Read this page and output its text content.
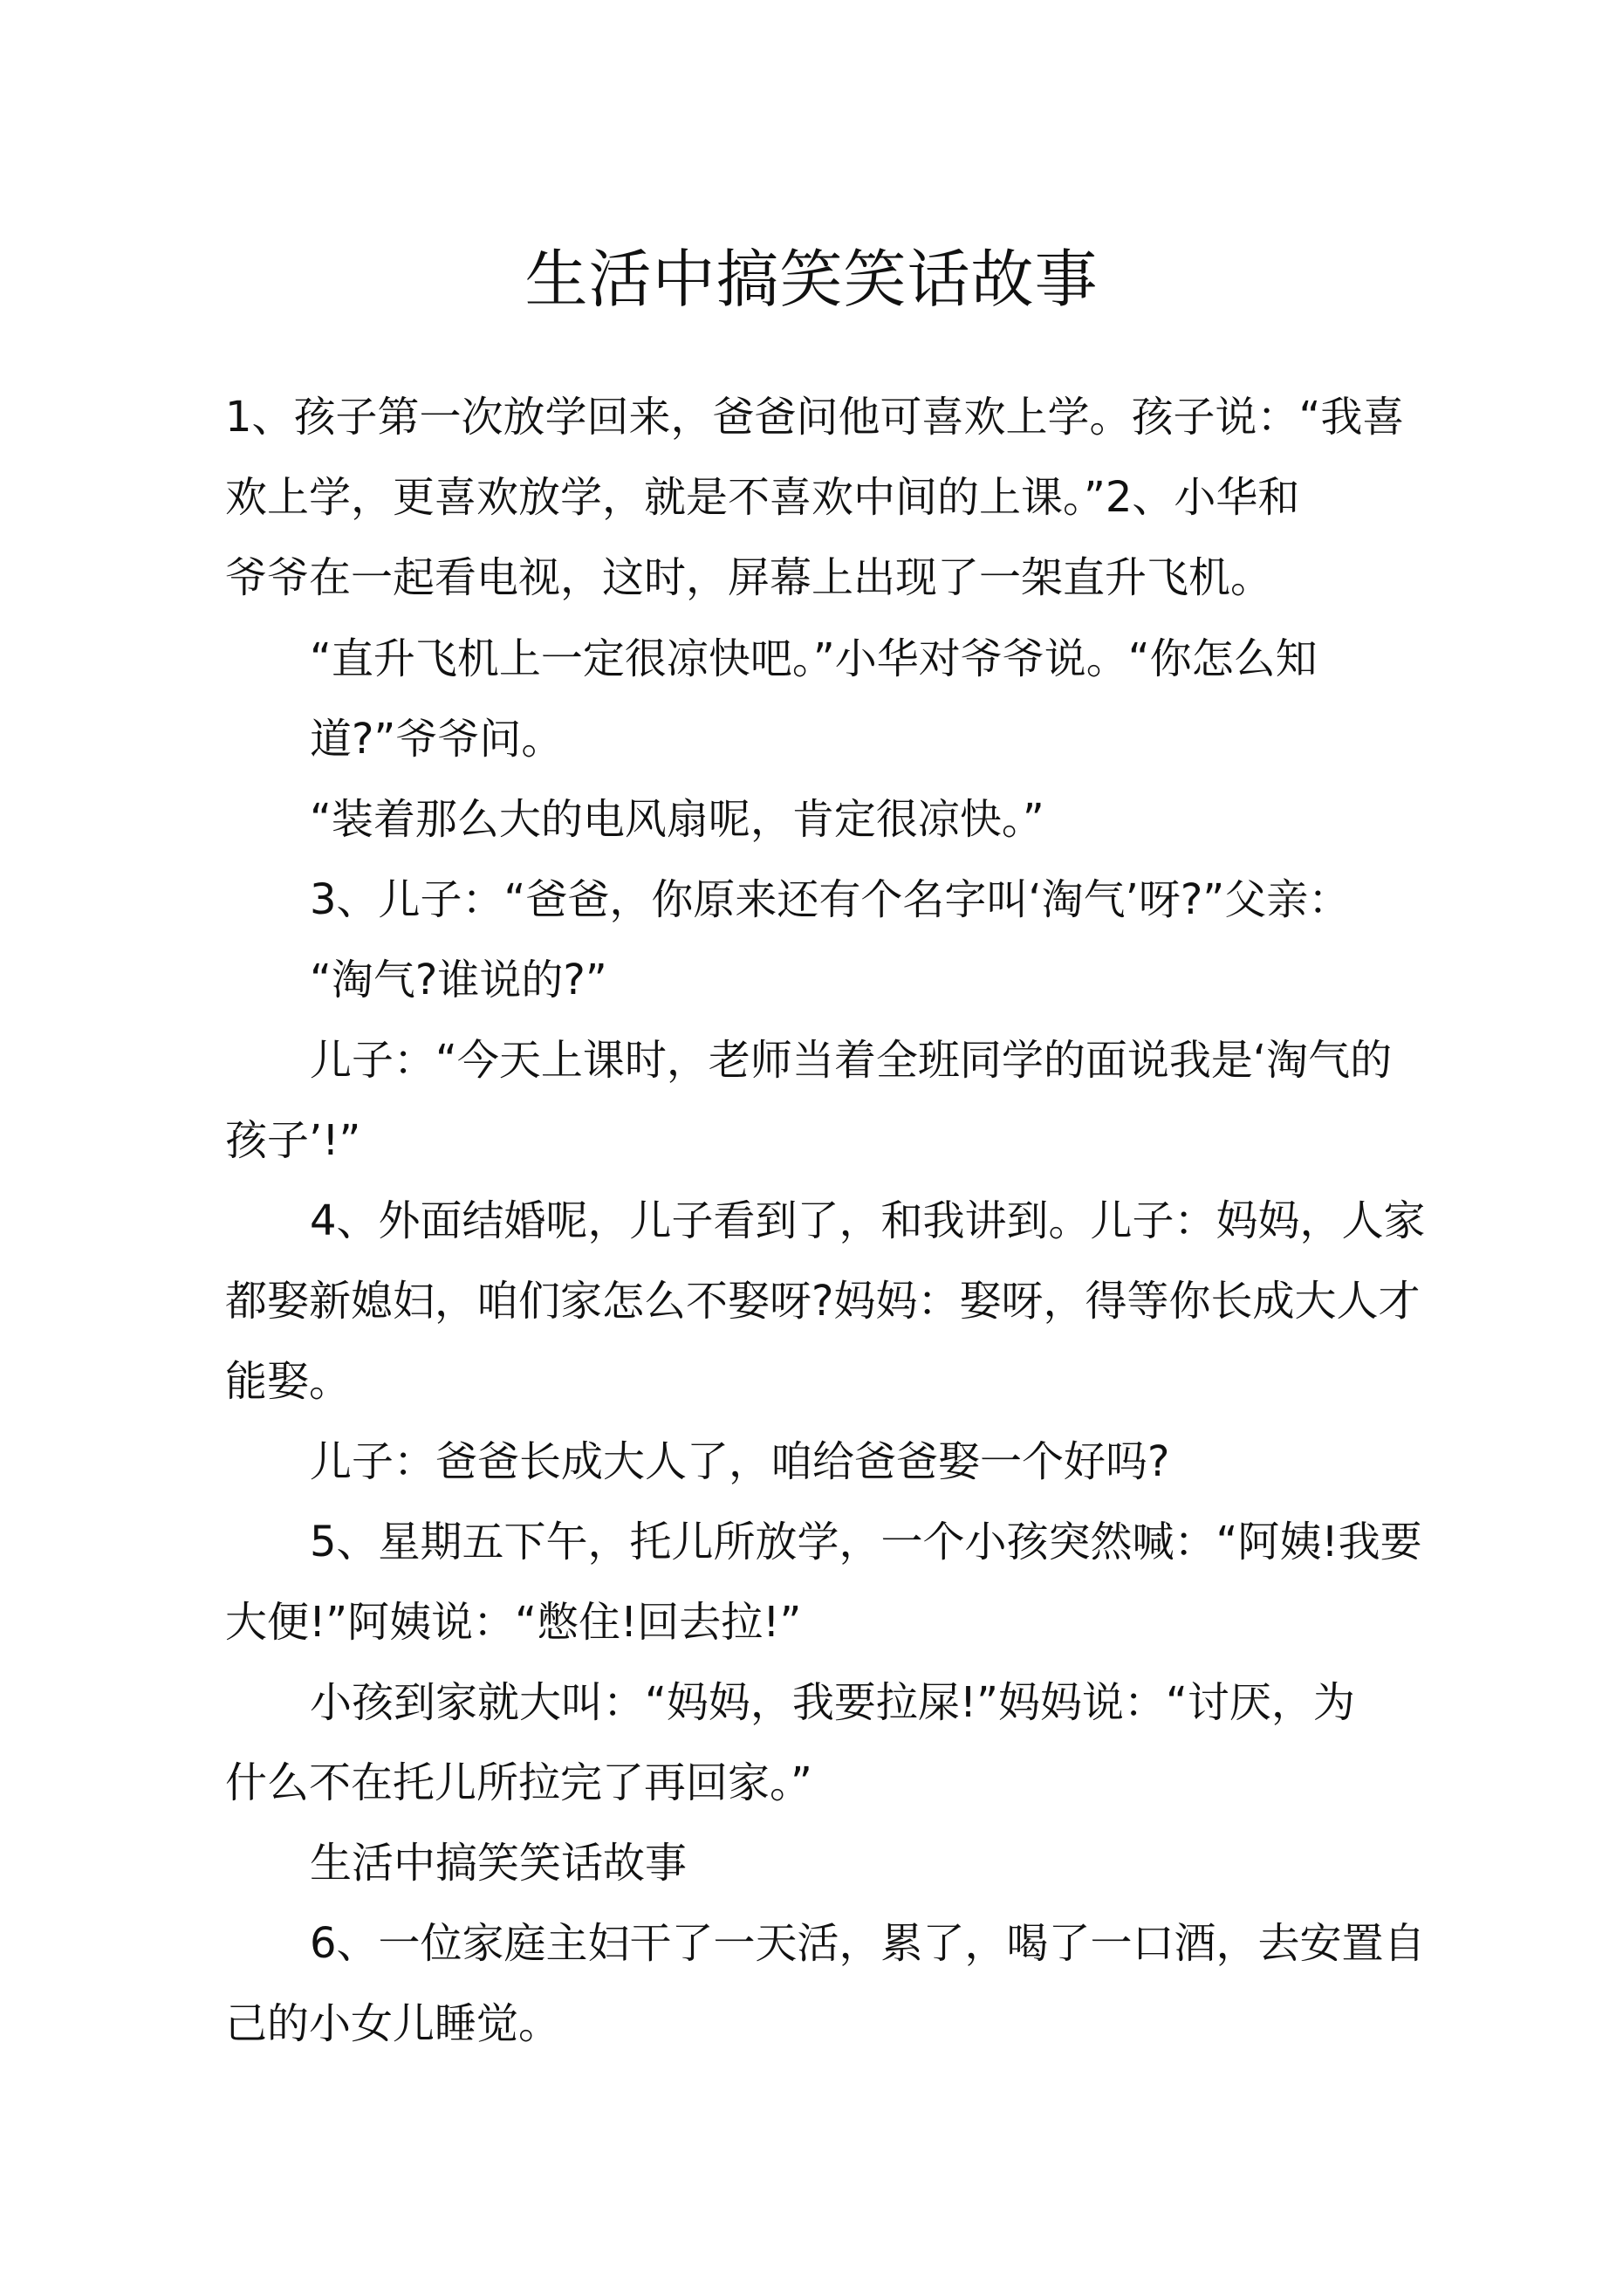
生活中搞笑笑话故事
1、孩子第一次放学回来，爸爸问他可喜欢上学。孩子说：“我喜
欢上学，更喜欢放学，就是不喜欢中间的上课。”2、小华和
爷爷在一起看电视，这时，屏幕上出现了一架直升飞机。
“直升飞机上一定很凉快吧。”小华对爷爷说。“你怎么知
道?”爷爷问。
“装着那么大的电风扇呢，肯定很凉快。”
3、儿子：“爸爸，你原来还有个名字叫‘淘气’呀?”父亲：
“淘气?谁说的?”
儿子：“今天上课时，老师当着全班同学的面说我是‘淘气的
孩子’!”
4、外面结婚呢，儿子看到了，和我讲到。儿子：妈妈，人家
都娶新媳妇，咱们家怎么不娶呀?妈妈：娶呀，得等你长成大人才
能娶。
儿子：爸爸长成大人了，咱给爸爸娶一个好吗?
5、星期五下午，托儿所放学，一个小孩突然喊：“阿姨!我要
大便!”阿姨说：“憋住!回去拉!”
小孩到家就大叫：“妈妈，我要拉屎!”妈妈说：“讨厌，为
什么不在托儿所拉完了再回家。”
生活中搞笑笑话故事
6、一位家庭主妇干了一天活，累了，喝了一口酒，去安置自
己的小女儿睡觉。
